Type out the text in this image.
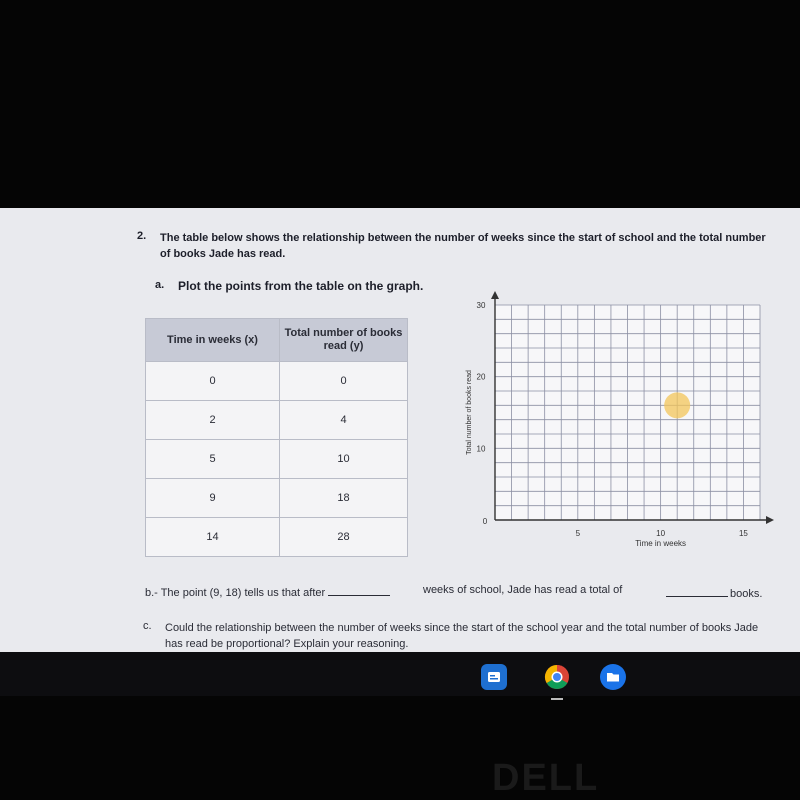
2. The table below shows the relationship between the number of weeks since the start of school and the total number of books Jade has read.
a. Plot the points from the table on the graph.
Time in weeks (x)	Total number of books read (y)
0	0
2	4
5	10
9	18
14	28	5	10	15
10
20
30
0
Time in weeks
Total number of books read
b.- The point (9, 18) tells us that after	weeks of school, Jade has read a total of	books.
c. Could the relationship between the number of weeks since the start of the school year and the total number of books Jade has read be proportional? Explain your reasoning.
DELL
